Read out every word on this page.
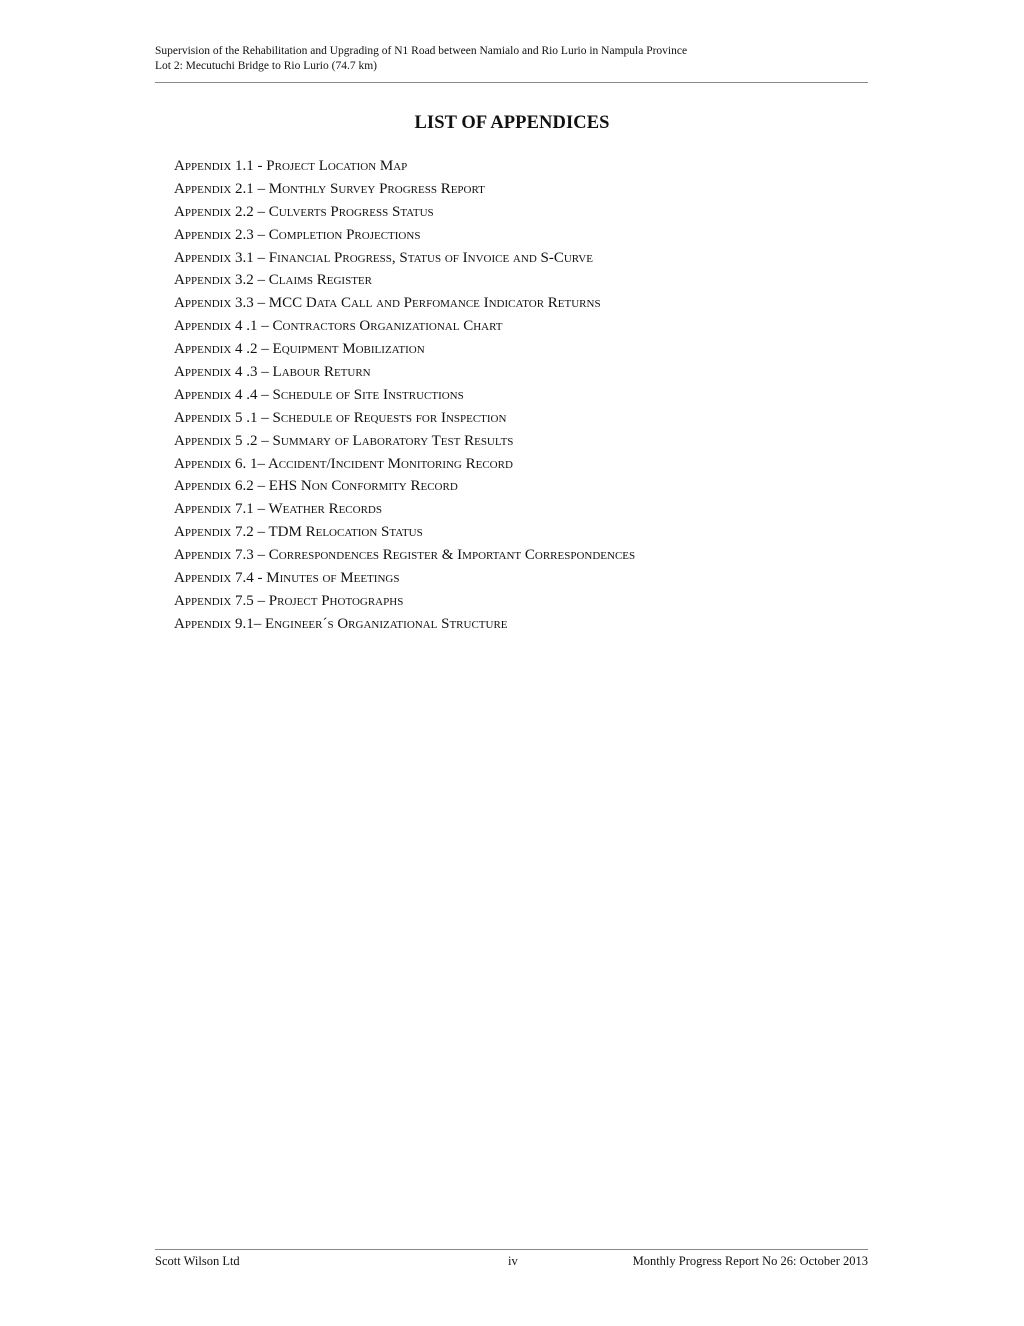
Supervision of the Rehabilitation and Upgrading of N1 Road between Namialo and Rio Lurio in Nampula Province
Lot 2: Mecutuchi Bridge to Rio Lurio (74.7 km)
LIST OF APPENDICES
Appendix 1.1 - Project Location Map
Appendix 2.1 – Monthly Survey Progress Report
Appendix 2.2 – Culverts Progress Status
Appendix 2.3 – Completion Projections
Appendix 3.1 – Financial Progress, Status of Invoice and S-Curve
Appendix 3.2 – Claims Register
Appendix 3.3 – MCC Data Call and Perfomance Indicator Returns
Appendix 4 .1 – Contractors Organizational Chart
Appendix 4 .2 – Equipment Mobilization
Appendix 4 .3 – Labour Return
Appendix 4 .4 – Schedule of Site Instructions
Appendix 5 .1 – Schedule of Requests for Inspection
Appendix 5 .2 – Summary of Laboratory Test Results
Appendix 6. 1– Accident/Incident Monitoring Record
Appendix 6.2 – EHS Non Conformity Record
Appendix 7.1 – Weather Records
Appendix 7.2 – TDM Relocation Status
Appendix 7.3 – Correspondences Register & Important Correspondences
Appendix 7.4 - Minutes of Meetings
Appendix 7.5 – Project Photographs
Appendix 9.1– Engineer´s Organizational Structure
Scott Wilson Ltd	iv	Monthly Progress Report No 26: October 2013
